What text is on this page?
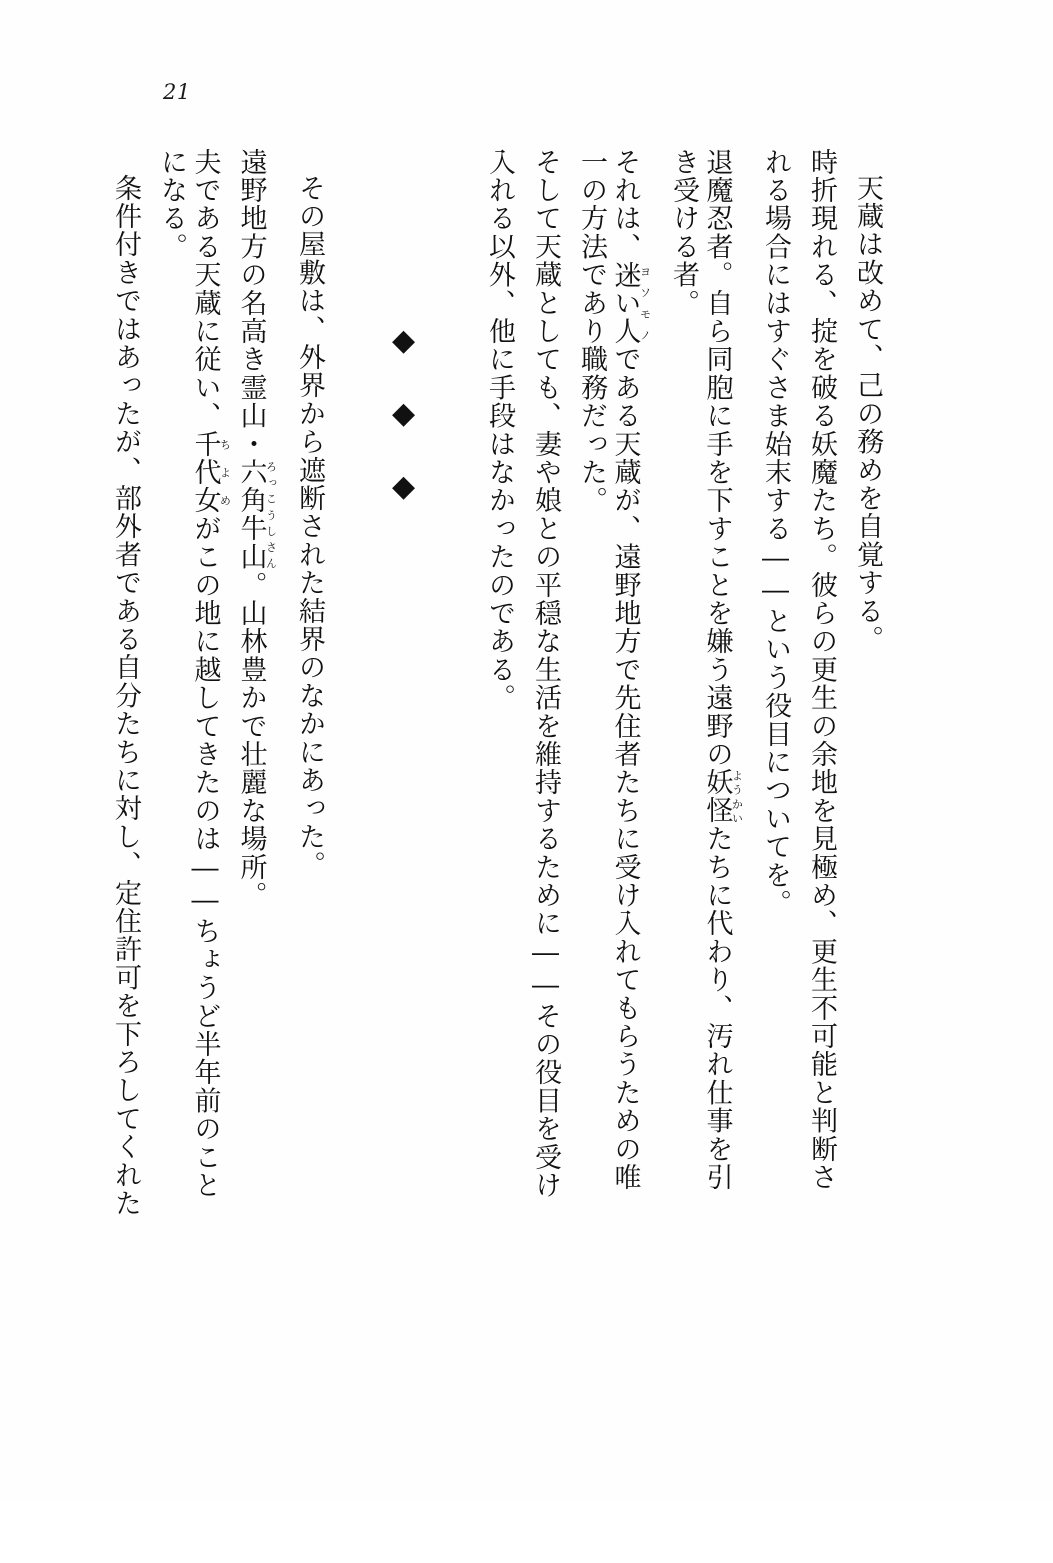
21
天蔵は改めて、己の務めを自覚する。
時折現れる、掟を破る妖魔たち。彼らの更生の余地を見極め、更生不可能と判断さ
れる場合にはすぐさま始末する――という役目についてを。
退魔忍者。自ら同胞に手を下すことを嫌う遠野の妖怪ようかいたちに代わり、汚れ仕事を引
き受ける者。
それは、迷い人ヨソモノである天蔵が、遠野地方で先住者たちに受け入れてもらうための唯
一の方法であり職務だった。
そして天蔵としても、妻や娘との平穏な生活を維持するために――その役目を受け
入れる以外、他に手段はなかったのである。
◆◆◆
その屋敷は、外界から遮断された結界のなかにあった。
遠野地方の名高き霊山・六角牛山ろっこうしさん。山林豊かで壮麗な場所。
夫である天蔵に従い、千代女ちよめがこの地に越してきたのは――ちょうど半年前のこと
になる。
条件付きではあったが、部外者である自分たちに対し、定住許可を下ろしてくれた
